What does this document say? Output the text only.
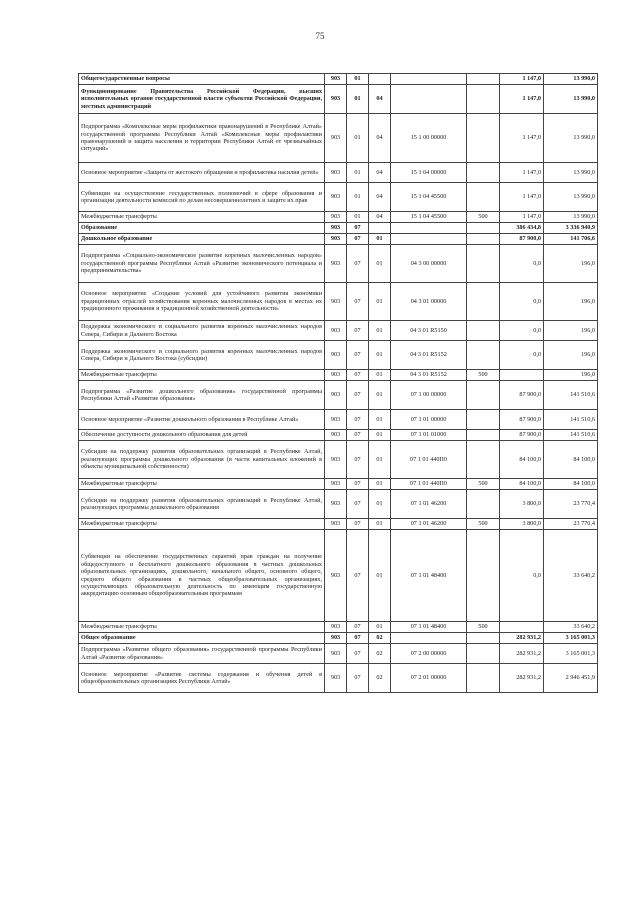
75
Общегосударственные вопросы	903	01				1 147,0	13 990,0
Функционирование Правительства Российской Федерации, высших исполнительных органов государственной власти субъектов Российской Федерации, местных администраций	903	01	04			1 147,0	13 990,0
Подпрограмма «Комплексные меры профилактики правонарушений в Республике Алтай» государственной программы Республики Алтай «Комплексные меры профилактики правонарушений и защита населения и территории Республики Алтай от чрезвычайных ситуаций»	903	01	04	15 1 00 00000		1 147,0	13 990,0
Основное мероприятие «Защита от жестокого обращения и профилактика насилия детей»	903	01	04	15 1 04 00000		1 147,0	13 990,0
Субвенции на осуществление государственных полномочий в сфере образования и организации деятельности комиссий по делам несовершеннолетних и защите их прав	903	01	04	15 1 04 45500		1 147,0	13 990,0
Межбюджетные трансферты	903	01	04	15 1 04 45500	500	1 147,0	13 990,0
Образование	903	07				386 434,8	3 336 940,9
Дошкольное образование	903	07	01			87 900,0	141 706,6
Подпрограмма «Социально-экономическое развитие коренных малочисленных народов» государственной программы Республики Алтай «Развитие экономического потенциала и предпринимательства»	903	07	01	04 3 00 00000		0,0	196,0
Основное мероприятие «Создание условий для устойчивого развития экономики традиционных отраслей хозяйствования коренных малочисленных народов в местах их традиционного проживания и традиционной хозяйственной деятельности»	903	07	01	04 3 01 00000		0,0	196,0
Поддержка экономического и социального развития коренных малочисленных народов Севера, Сибири и Дальнего Востока	903	07	01	04 3 01 R5150		0,0	196,0
Поддержка экономического и социального развития коренных малочисленных народов Севера, Сибири и Дальнего Востока (субсидии)	903	07	01	04 3 01 R5152		0,0	196,0
Межбюджетные трансферты	903	07	01	04 3 01 R5152	500		196,0
Подпрограмма «Развитие дошкольного образования» государственной программы Республики Алтай «Развитие образования»	903	07	01	07 1 00 00000		87 900,0	141 510,6
Основное мероприятие «Развитие дошкольного образования в Республике Алтай»	903	07	01	07 1 01 00000		87 900,0	141 510,6
Обеспечение доступности дошкольного образования для детей	903	07	01	07 1 01 01000		87 900,0	141 510,6
Субсидии на поддержку развития образовательных организаций в Республике Алтай, реализующих программы дошкольного образования (в части капитальных вложений в объекты муниципальной собственности)	903	07	01	07 1 01 440П0		84 100,0	84 100,0
Межбюджетные трансферты	903	07	01	07 1 01 440П0	500	84 100,0	84 100,0
Субсидии на поддержку развития образовательных организаций в Республике Алтай, реализующих программы дошкольного образования	903	07	01	07 1 01 46200		3 800,0	23 770,4
Межбюджетные трансферты	903	07	01	07 1 01 46200	500	3 800,0	23 770,4
Субвенции на обеспечение государственных гарантий прав граждан на получение общедоступного и бесплатного дошкольного образования в частных дошкольных образовательных организациях, дошкольного, начального общего, основного общего, среднего общего образования в частных общеобразовательных организациях, осуществляющих образовательную деятельность по имеющим государственную аккредитацию основным общеобразовательным программам	903	07	01	07 1 01 48400		0,0	33 640,2
Межбюджетные трансферты	903	07	01	07 1 01 48400	500		33 640,2
Общее образование	903	07	02			282 931,2	3 165 001,3
Подпрограмма «Развитие общего образования» государственной программы Республики Алтай «Развитие образования»	903	07	02	07 2 00 00000		282 931,2	3 165 001,3
Основное мероприятие «Развитие системы содержания и обучения детей в общеобразовательных организациях Республики Алтай»	903	07	02	07 2 01 00000		282 931,2	2 946 451,9
